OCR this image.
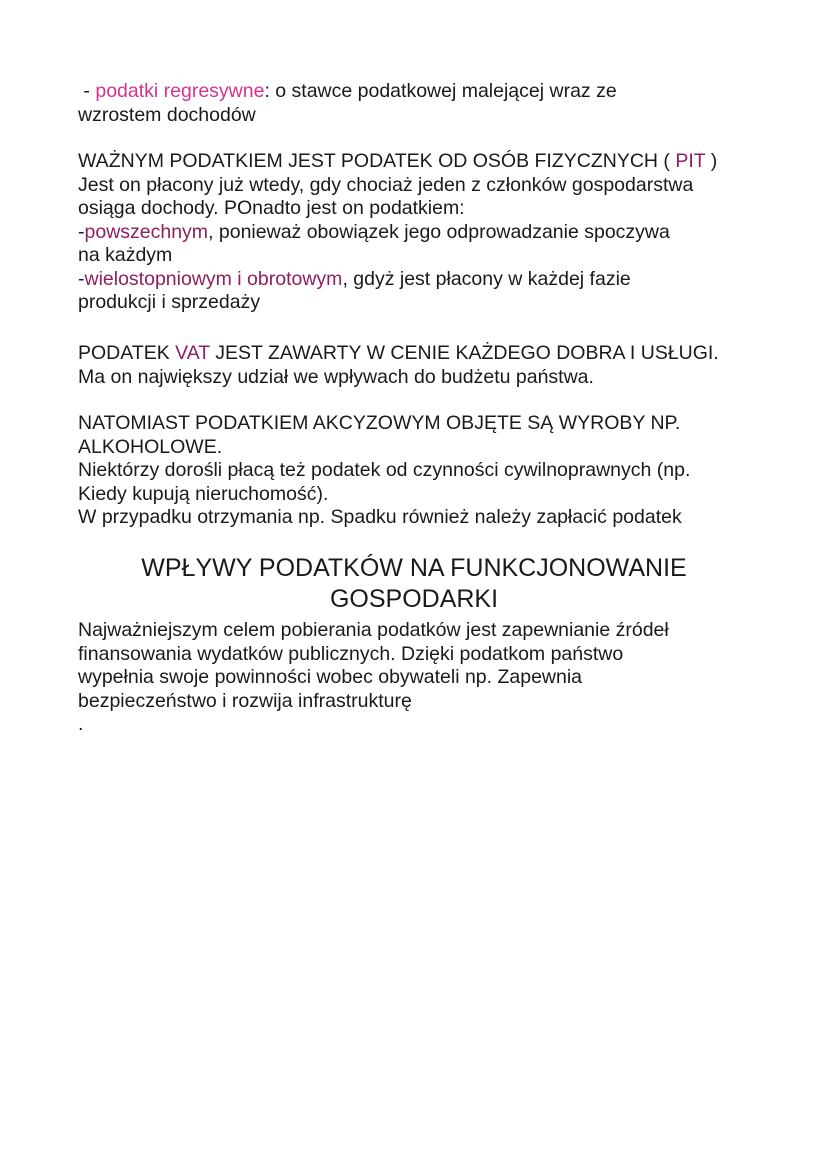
- podatki regresywne: o stawce podatkowej malejącej wraz ze
wzrostem dochodów

WAŻNYM PODATKIEM JEST PODATEK OD OSÓB FIZYCZNYCH ( PIT )
Jest on płacony już wtedy, gdy chociaż jeden z członków gospodarstwa
osiąga dochody. POnadto jest on podatkiem:
-powszechnym, ponieważ obowiązek jego odprowadzanie spoczywa
na każdym
-wielostopniowym i obrotowym, gdyż jest płacony w każdej fazie
produkcji i sprzedaży

PODATEK VAT JEST ZAWARTY W CENIE KAŻDEGO DOBRA I USŁUGI.
Ma on największy udział we wpływach do budżetu państwa.

NATOMIAST PODATKIEM AKCYZOWYM OBJĘTE SĄ WYROBY NP.
ALKOHOLOWE.
Niektórzy dorośli płacą też podatek od czynności cywilnoprawnych (np.
Kiedy kupują nieruchomość).
W przypadku otrzymania np. Spadku również należy zapłacić podatek

WPŁYWY PODATKÓW NA FUNKCJONOWANIE
GOSPODARKI

Najważniejszym celem pobierania podatków jest zapewnianie źródeł
finansowania wydatków publicznych. Dzięki podatkom państwo
wypełnia swoje powinności wobec obywateli np. Zapewnia
bezpieczeństwo i rozwija infrastrukturę
.
